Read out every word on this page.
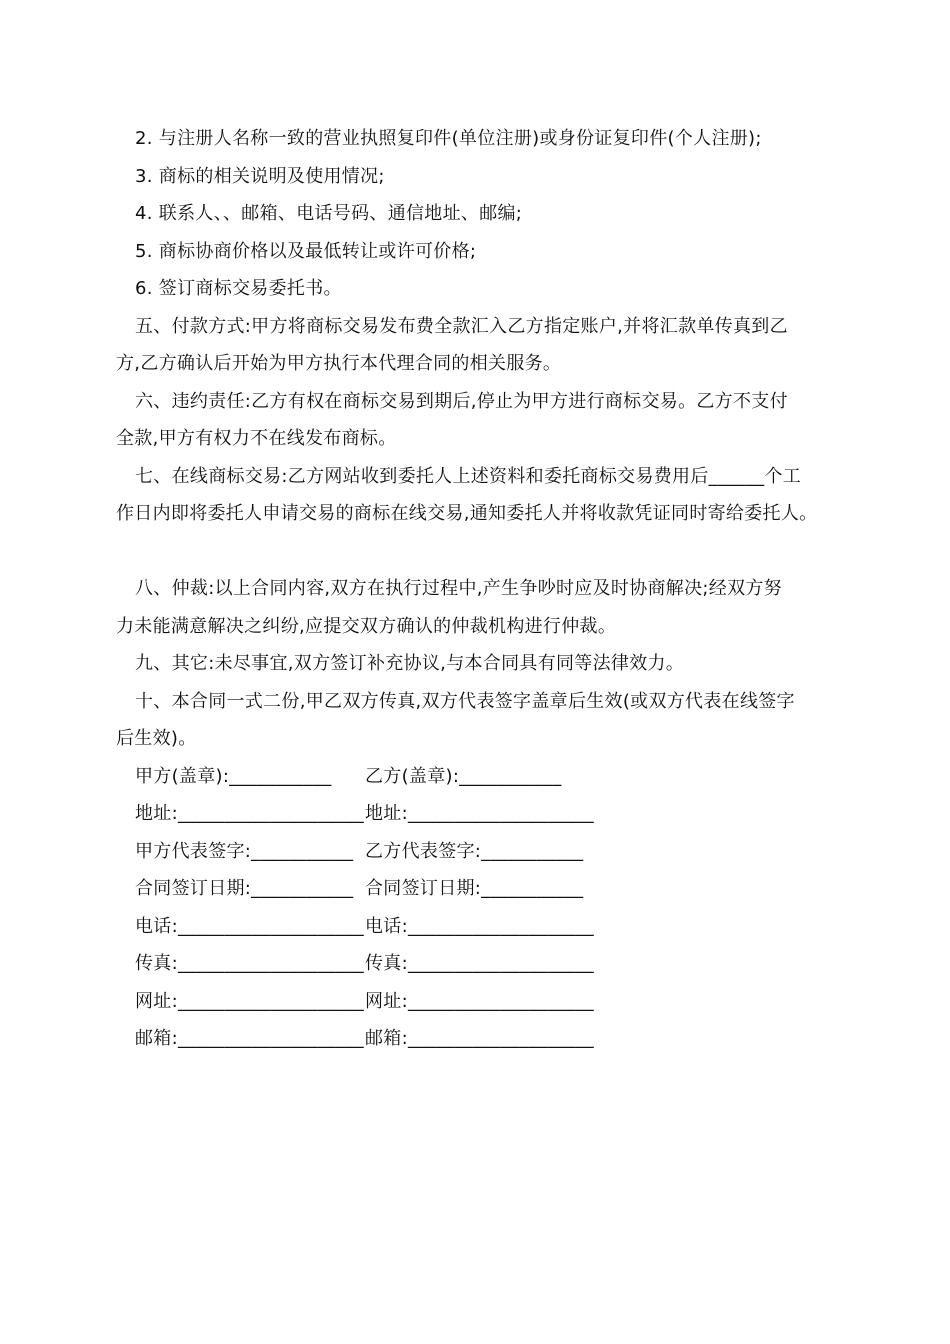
2. 与注册人名称一致的营业执照复印件(单位注册)或身份证复印件(个人注册);
3. 商标的相关说明及使用情况;
4. 联系人、、邮箱、电话号码、通信地址、邮编;
5. 商标协商价格以及最低转让或许可价格;
6. 签订商标交易委托书。
五、付款方式:甲方将商标交易发布费全款汇入乙方指定账户,并将汇款单传真到乙
方,乙方确认后开始为甲方执行本代理合同的相关服务。
六、违约责任:乙方有权在商标交易到期后,停止为甲方进行商标交易。乙方不支付
全款,甲方有权力不在线发布商标。
七、在线商标交易:乙方网站收到委托人上述资料和委托商标交易费用后______个工
作日内即将委托人申请交易的商标在线交易,通知委托人并将收款凭证同时寄给委托人。
八、仲裁:以上合同内容,双方在执行过程中,产生争吵时应及时协商解决;经双方努
力未能满意解决之纠纷,应提交双方确认的仲裁机构进行仲裁。
九、其它:未尽事宜,双方签订补充协议,与本合同具有同等法律效力。
十、本合同一式二份,甲乙双方传真,双方代表签字盖章后生效(或双方代表在线签字
后生效)。
甲方(盖章):___________ 乙方(盖章):___________
地址:____________________ 地址:____________________
甲方代表签字:___________ 乙方代表签字:___________
合同签订日期:___________ 合同签订日期:___________
电话:____________________ 电话:____________________
传真:____________________ 传真:____________________
网址:____________________ 网址:____________________
邮箱:____________________ 邮箱:____________________
